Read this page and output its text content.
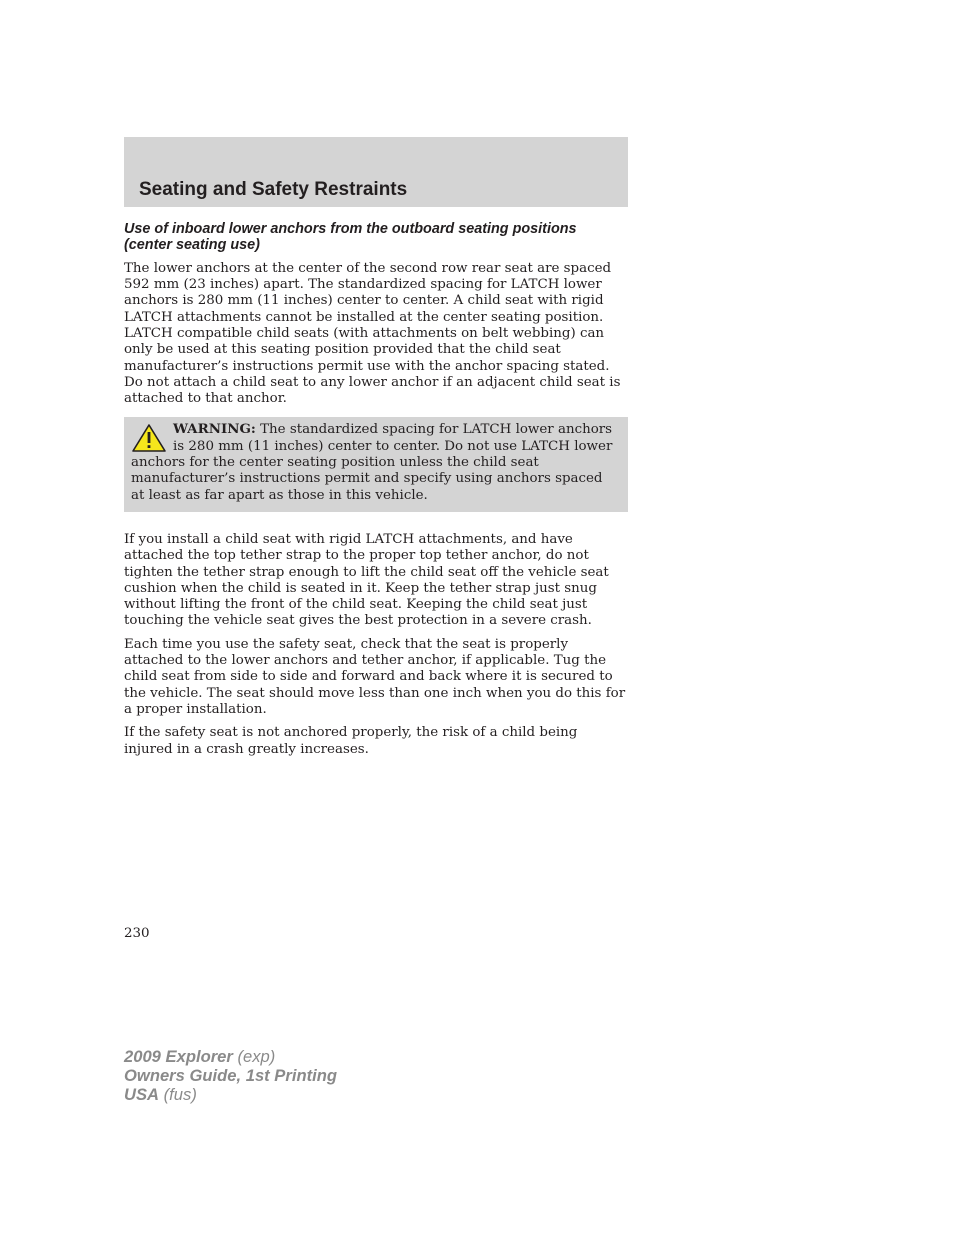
Seating and Safety Restraints
Use of inboard lower anchors from the outboard seating positions (center seating use)

The lower anchors at the center of the second row rear seat are spaced 592 mm (23 inches) apart. The standardized spacing for LATCH lower anchors is 280 mm (11 inches) center to center. A child seat with rigid LATCH attachments cannot be installed at the center seating position. LATCH compatible child seats (with attachments on belt webbing) can only be used at this seating position provided that the child seat manufacturer’s instructions permit use with the anchor spacing stated. Do not attach a child seat to any lower anchor if an adjacent child seat is attached to that anchor.

WARNING: The standardized spacing for LATCH lower anchors is 280 mm (11 inches) center to center. Do not use LATCH lower anchors for the center seating position unless the child seat manufacturer’s instructions permit and specify using anchors spaced at least as far apart as those in this vehicle.

If you install a child seat with rigid LATCH attachments, and have attached the top tether strap to the proper top tether anchor, do not tighten the tether strap enough to lift the child seat off the vehicle seat cushion when the child is seated in it. Keep the tether strap just snug without lifting the front of the child seat. Keeping the child seat just touching the vehicle seat gives the best protection in a severe crash.

Each time you use the safety seat, check that the seat is properly attached to the lower anchors and tether anchor, if applicable. Tug the child seat from side to side and forward and back where it is secured to the vehicle. The seat should move less than one inch when you do this for a proper installation.

If the safety seat is not anchored properly, the risk of a child being injured in a crash greatly increases.

230

2009 Explorer (exp)

Owners Guide, 1st Printing

USA (fus)
